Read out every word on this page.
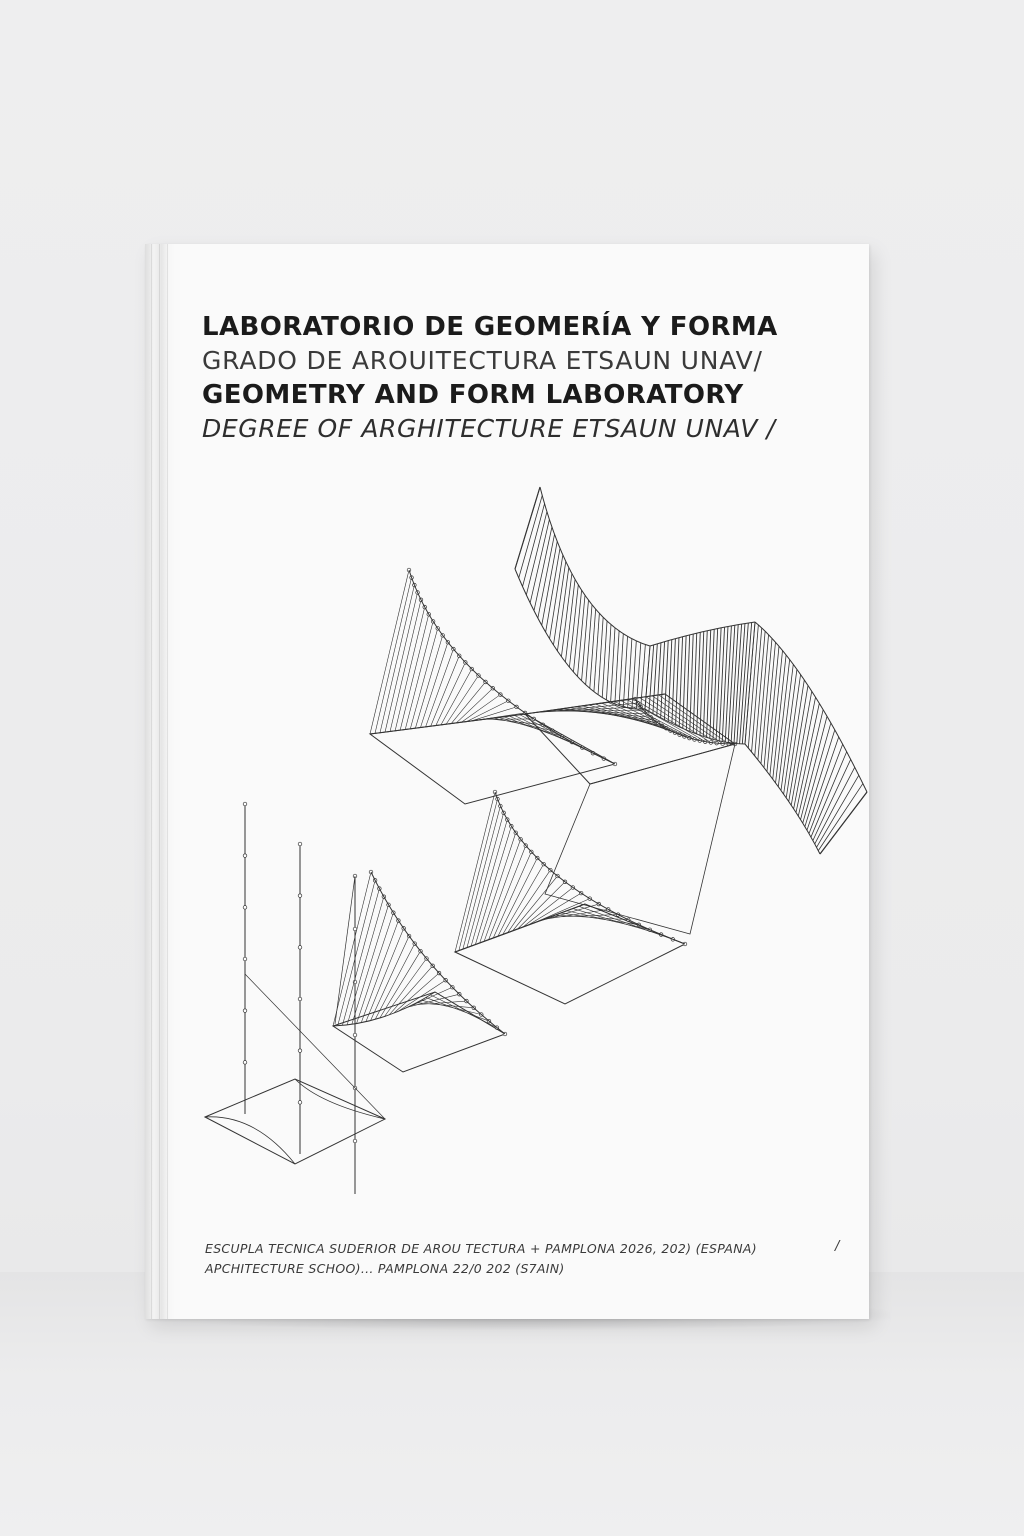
LABORATORIO DE GEOMERÍA Y FORMA
GRADO DE AROUITECTURA ETSAUN UNAV/
GEOMETRY AND FORM LABORATORY
DEGREE OF ARGHITECTURE ETSAUN UNAV /
ESCUPLA TECNICA SUDERIOR DE AROU TECTURA + PAMPLONA 2026, 202) (ESPANA)
APCHITECTURE SCHOO)... PAMPLONA 22/0 202 (S7AIN)
/
